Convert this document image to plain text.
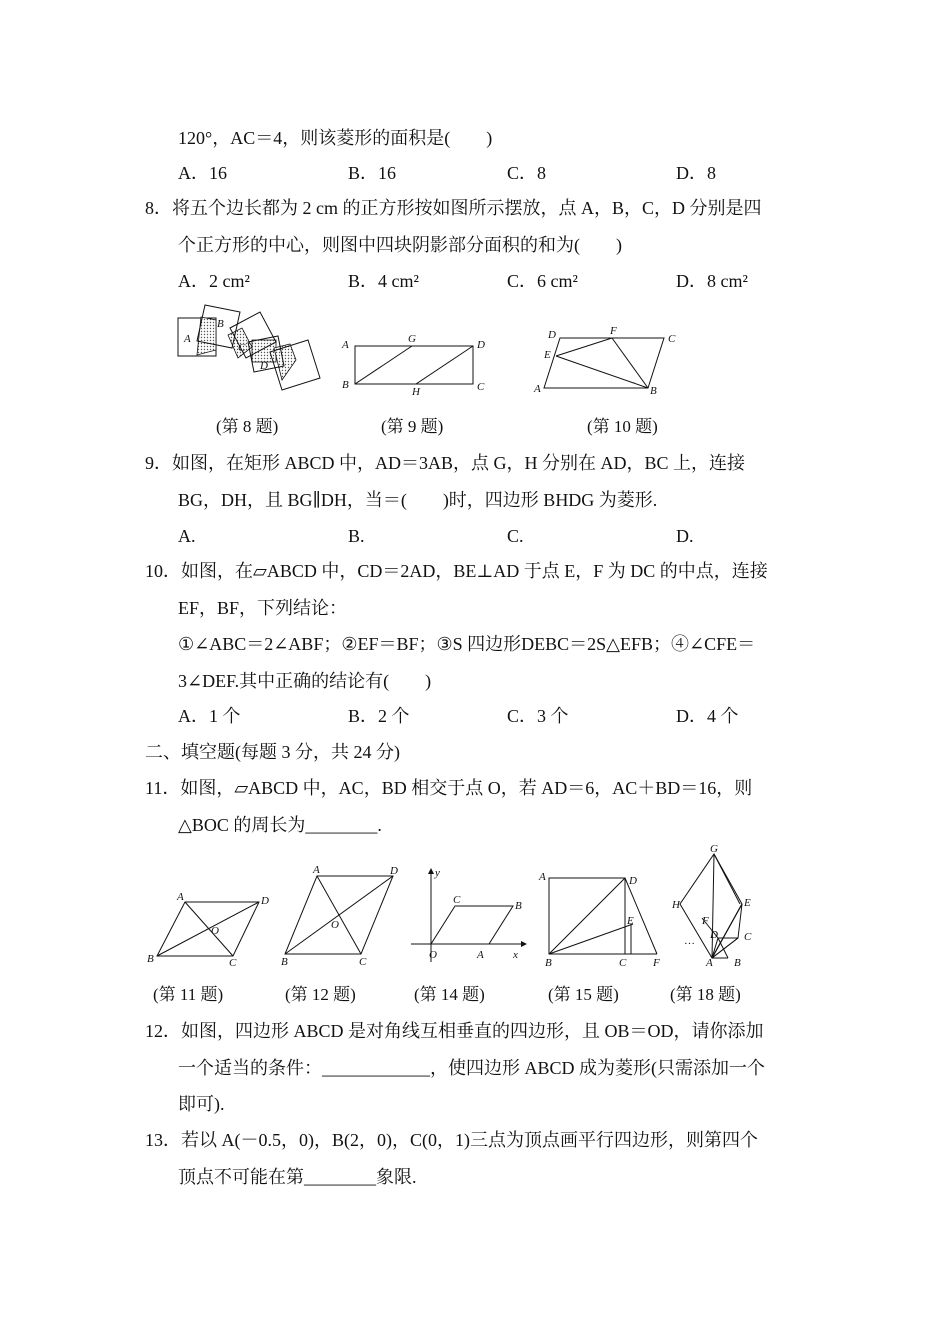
120°，AC＝4，则该菱形的面积是(　　)
A．16	B．16	C．8	D．8
8．将五个边长都为 2 cm 的正方形按如图所示摆放，点 A，B，C，D 分别是四
个正方形的中心，则图中四块阴影部分面积的和为(　　)
A．2 cm²	B．4 cm²	C．6 cm²	D．8 cm²
A
B
C
D
A	G	D
B
H	C
D	F
C
E
A	B
(第 8 题)	(第 9 题)	(第 10 题)
9．如图，在矩形 ABCD 中，AD＝3AB，点 G，H 分别在 AD，BC 上，连接
BG，DH，且 BG∥DH，当＝(　　)时，四边形 BHDG 为菱形.
A.	B.	C.	D.
10．如图，在▱ABCD 中，CD＝2AD，BE⊥AD 于点 E，F 为 DC 的中点，连接
EF，BF，下列结论：
①∠ABC＝2∠ABF；②EF＝BF；③S 四边形DEBC＝2S△EFB；④∠CFE＝
3∠DEF.其中正确的结论有(　　)
A．1 个	B．2 个	C．3 个	D．4 个
二、填空题(每题 3 分，共 24 分)
11．如图，▱ABCD 中，AC，BD 相交于点 O，若 AD＝6，AC＋BD＝16，则
△BOC 的周长为________.
A	D
O
B	C
A	D
O
B	C
y
C	B
O	A	x
A	D
E
B	C F
G
H	E
F
D C
…
A B
(第 11 题)	(第 12 题)	(第 14 题)	(第 15 题)	(第 18 题)
12．如图，四边形 ABCD 是对角线互相垂直的四边形，且 OB＝OD，请你添加
一个适当的条件：____________，使四边形 ABCD 成为菱形(只需添加一个
即可).
13．若以 A(－0.5，0)，B(2，0)，C(0，1)三点为顶点画平行四边形，则第四个
顶点不可能在第________象限.
